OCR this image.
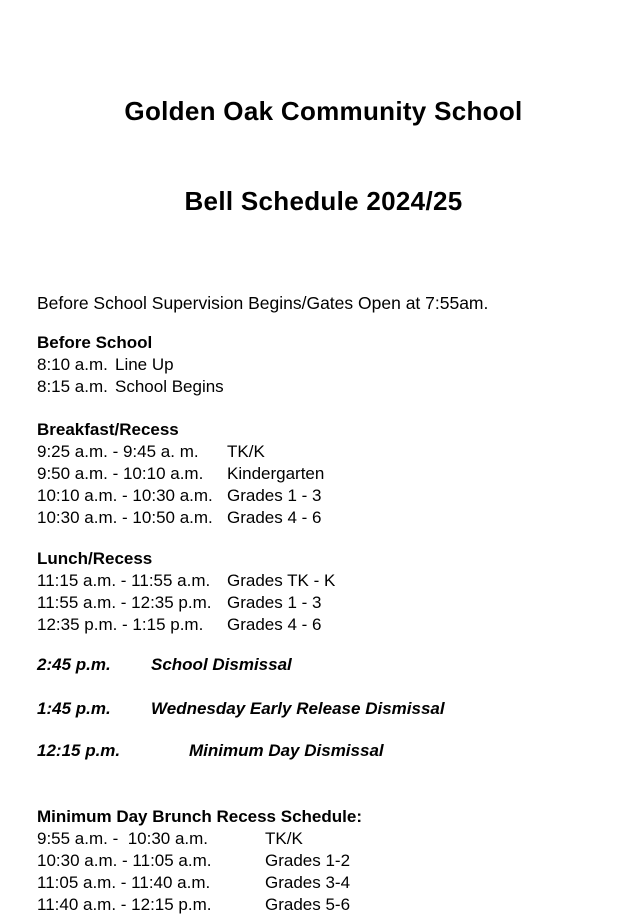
Golden Oak Community School

Bell Schedule 2024/25

Before School Supervision Begins/Gates Open at 7:55am.
Before School
8:10 a.m. Line Up
8:15 a.m. School Begins
Breakfast/Recess
9:25 a.m. - 9:45 a. m.	TK/K
9:50 a.m. - 10:10 a.m.	Kindergarten
10:10 a.m. - 10:30 a.m. Grades 1 - 3
10:30 a.m. - 10:50 a.m. Grades 4 - 6
Lunch/Recess
11:15 a.m. - 11:55 a.m. Grades TK - K
11:55 a.m. - 12:35 p.m. Grades 1 - 3
12:35 p.m. - 1:15 p.m.	Grades 4 - 6
2:45 p.m.	School Dismissal
1:45 p.m.	Wednesday Early Release Dismissal
12:15 p.m.	Minimum Day Dismissal
Minimum Day Brunch Recess Schedule:
9:55 a.m. -  10:30 a.m.	TK/K
10:30 a.m. - 11:05 a.m.	Grades 1-2
11:05 a.m. - 11:40 a.m.	Grades 3-4
11:40 a.m. - 12:15 p.m.	Grades 5-6
